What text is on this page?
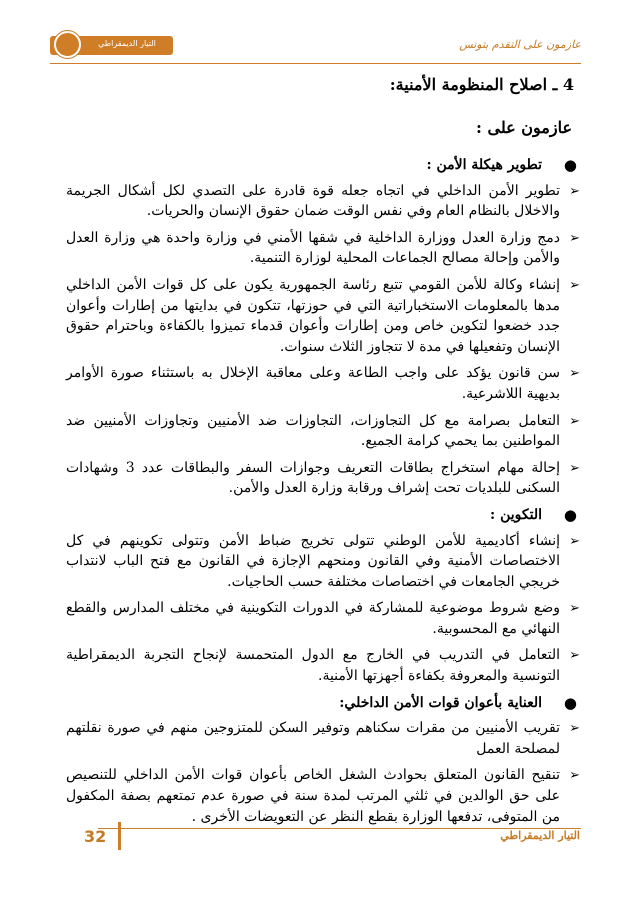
عازمون على التقدم بتونس
التيار الديمقراطي
4 ـ اصلاح المنظومة الأمنية:
عازمون على :
●
تطوير هيكلة الأمن :
➢
تطوير الأمن الداخلي في اتجاه جعله قوة قادرة على التصدي لكل أشكال الجريمة والاخلال بالنظام العام وفي نفس الوقت ضمان حقوق الإنسان والحريات.
➢
دمج وزارة العدل ووزارة الداخلية في شقها الأمني في وزارة واحدة هي وزارة العدل والأمن وإحالة مصالح الجماعات المحلية لوزارة التنمية.
➢
إنشاء وكالة للأمن القومي تتبع رئاسة الجمهورية يكون على كل قوات الأمن الداخلي مدها بالمعلومات الاستخباراتية التي في حوزتها، تتكون في بدايتها من إطارات وأعوان جدد خضعوا لتكوين خاص ومن إطارات وأعوان قدماء تميزوا بالكفاءة وباحترام حقوق الإنسان وتفعيلها في مدة لا تتجاوز الثلاث سنوات.
➢
سن قانون يؤكد على واجب الطاعة وعلى معاقبة الإخلال به باستثناء صورة الأوامر بديهية اللاشرعية.
➢
التعامل بصرامة مع كل التجاوزات، التجاوزات ضد الأمنيين وتجاوزات الأمنيين ضد المواطنين بما يحمي كرامة الجميع.
➢
إحالة مهام استخراج بطاقات التعريف وجوازات السفر والبطاقات عدد 3 وشهادات السكنى للبلديات تحت إشراف ورقابة وزارة العدل والأمن.
●
التكوين :
➢
إنشاء أكاديمية للأمن الوطني تتولى تخريج ضباط الأمن وتتولى تكوينهم في كل الاختصاصات الأمنية وفي القانون ومنحهم الإجازة في القانون مع فتح الباب لانتداب خريجي الجامعات في اختصاصات مختلفة حسب الحاجيات.
➢
وضع شروط موضوعية للمشاركة في الدورات التكوينية في مختلف المدارس والقطع النهائي مع المحسوبية.
➢
التعامل في التدريب في الخارج مع الدول المتحمسة لإنجاح التجربة الديمقراطية التونسية والمعروفة بكفاءة أجهزتها الأمنية.
●
العناية بأعوان قوات الأمن الداخلي:
➢
تقريب الأمنيين من مقرات سكناهم وتوفير السكن للمتزوجين منهم في صورة نقلتهم لمصلحة العمل
➢
تنقيح القانون المتعلق بحوادث الشغل الخاص بأعوان قوات الأمن الداخلي للتنصيص على حق الوالدين في ثلثي المرتب لمدة سنة في صورة عدم تمتعهم بصفة المكفول من المتوفى، تدفعها الوزارة بقطع النظر عن التعويضات الأخرى .
32	التيار الديمقراطي
